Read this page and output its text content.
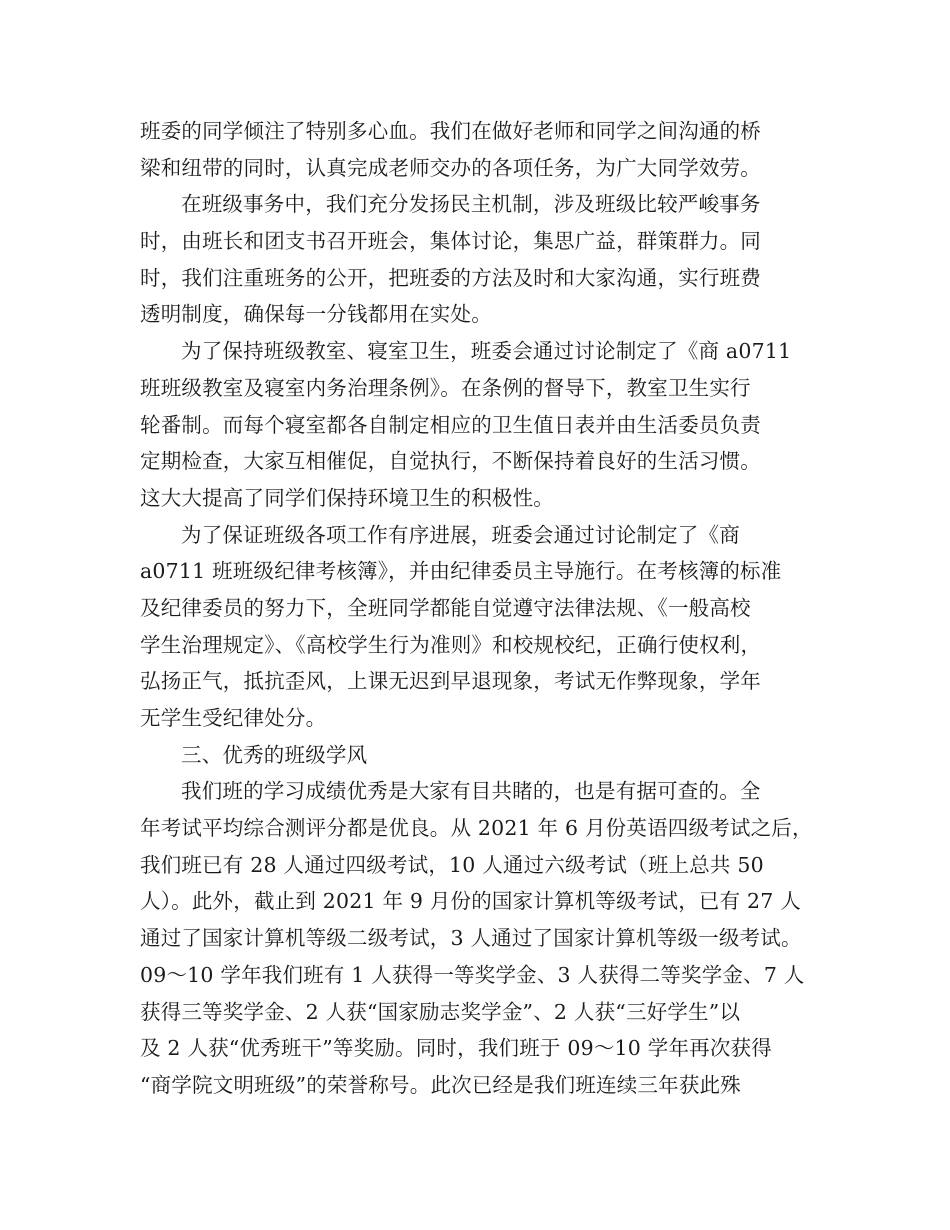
班委的同学倾注了特别多心血。我们在做好老师和同学之间沟通的桥
梁和纽带的同时，认真完成老师交办的各项任务，为广大同学效劳。
在班级事务中，我们充分发扬民主机制，涉及班级比较严峻事务
时，由班长和团支书召开班会，集体讨论，集思广益，群策群力。同
时，我们注重班务的公开，把班委的方法及时和大家沟通，实行班费
透明制度，确保每一分钱都用在实处。
为了保持班级教室、寝室卫生，班委会通过讨论制定了《商 a0711
班班级教室及寝室内务治理条例》。在条例的督导下，教室卫生实行
轮番制。而每个寝室都各自制定相应的卫生值日表并由生活委员负责
定期检查，大家互相催促，自觉执行，不断保持着良好的生活习惯。
这大大提高了同学们保持环境卫生的积极性。
为了保证班级各项工作有序进展，班委会通过讨论制定了《商
a0711 班班级纪律考核簿》，并由纪律委员主导施行。在考核簿的标准
及纪律委员的努力下，全班同学都能自觉遵守法律法规、《一般高校
学生治理规定》、《高校学生行为准则》和校规校纪，正确行使权利，
弘扬正气，抵抗歪风，上课无迟到早退现象，考试无作弊现象，学年
无学生受纪律处分。
三、优秀的班级学风
我们班的学习成绩优秀是大家有目共睹的，也是有据可查的。全
年考试平均综合测评分都是优良。从 2021 年 6 月份英语四级考试之后，
我们班已有 28 人通过四级考试，10 人通过六级考试（班上总共 50
人）。此外，截止到 2021 年 9 月份的国家计算机等级考试，已有 27 人
通过了国家计算机等级二级考试，3 人通过了国家计算机等级一级考试。
09～10 学年我们班有 1 人获得一等奖学金、3 人获得二等奖学金、7 人
获得三等奖学金、2 人获“国家励志奖学金”、2 人获“三好学生”以
及 2 人获“优秀班干”等奖励。同时，我们班于 09～10 学年再次获得
“商学院文明班级”的荣誉称号。此次已经是我们班连续三年获此殊
